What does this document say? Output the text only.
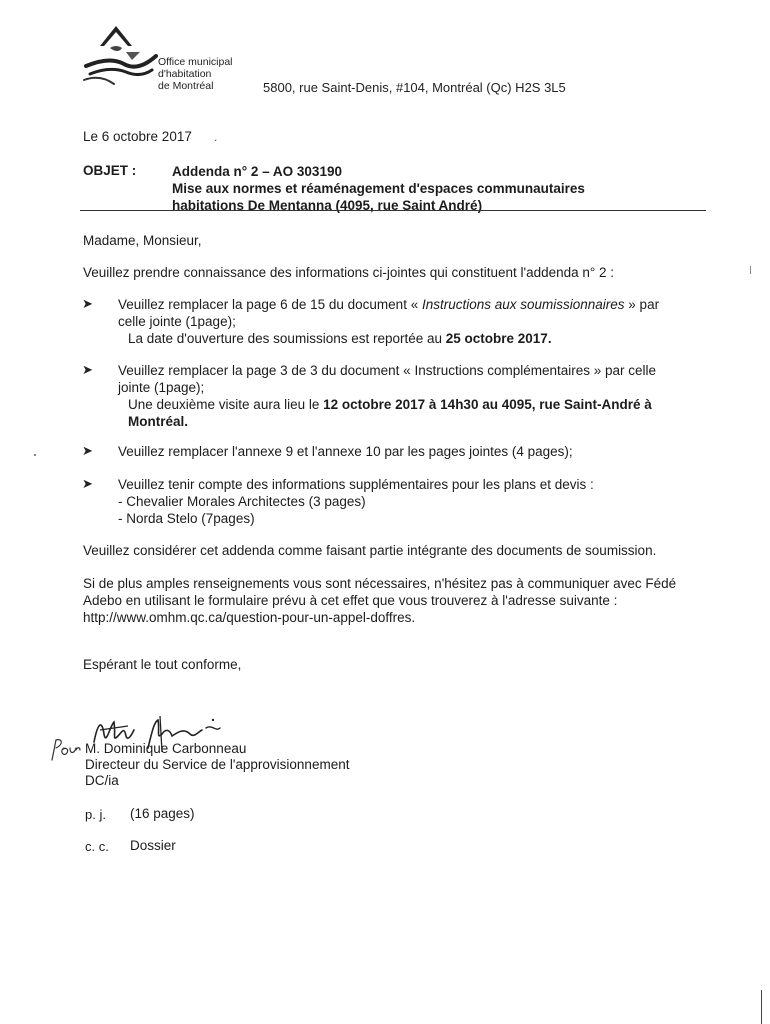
Office municipal
d'habitation
de Montréal	5800, rue Saint-Denis, #104, Montréal (Qc) H2S 3L5
Le 6 octobre 2017 .
OBJET :	Addenda n° 2 – AO 303190
Mise aux normes et réaménagement d'espaces communautaires
habitations De Mentanna (4095, rue Saint André)
Madame, Monsieur,
Veuillez prendre connaissance des informations ci-jointes qui constituent l'addenda n° 2 :
➤ Veuillez remplacer la page 6 de 15 du document « Instructions aux soumissionnaires » par
celle jointe (1page);
La date d'ouverture des soumissions est reportée au 25 octobre 2017.
➤ Veuillez remplacer la page 3 de 3 du document « Instructions complémentaires » par celle
jointe (1page);
Une deuxième visite aura lieu le 12 octobre 2017 à 14h30 au 4095, rue Saint-André à
Montréal.
➤ Veuillez remplacer l'annexe 9 et l'annexe 10 par les pages jointes (4 pages);
➤ Veuillez tenir compte des informations supplémentaires pour les plans et devis :
- Chevalier Morales Architectes (3 pages)
- Norda Stelo (7pages)
Veuillez considérer cet addenda comme faisant partie intégrante des documents de soumission.
Si de plus amples renseignements vous sont nécessaires, n'hésitez pas à communiquer avec Fédé
Adebo en utilisant le formulaire prévu à cet effet que vous trouverez à l'adresse suivante :
http://www.omhm.qc.ca/question-pour-un-appel-doffres.
Espérant le tout conforme,
M. Dominique Carbonneau
Directeur du Service de l'approvisionnement
DC/ia
p. j. (16 pages)
c. c. Dossier
